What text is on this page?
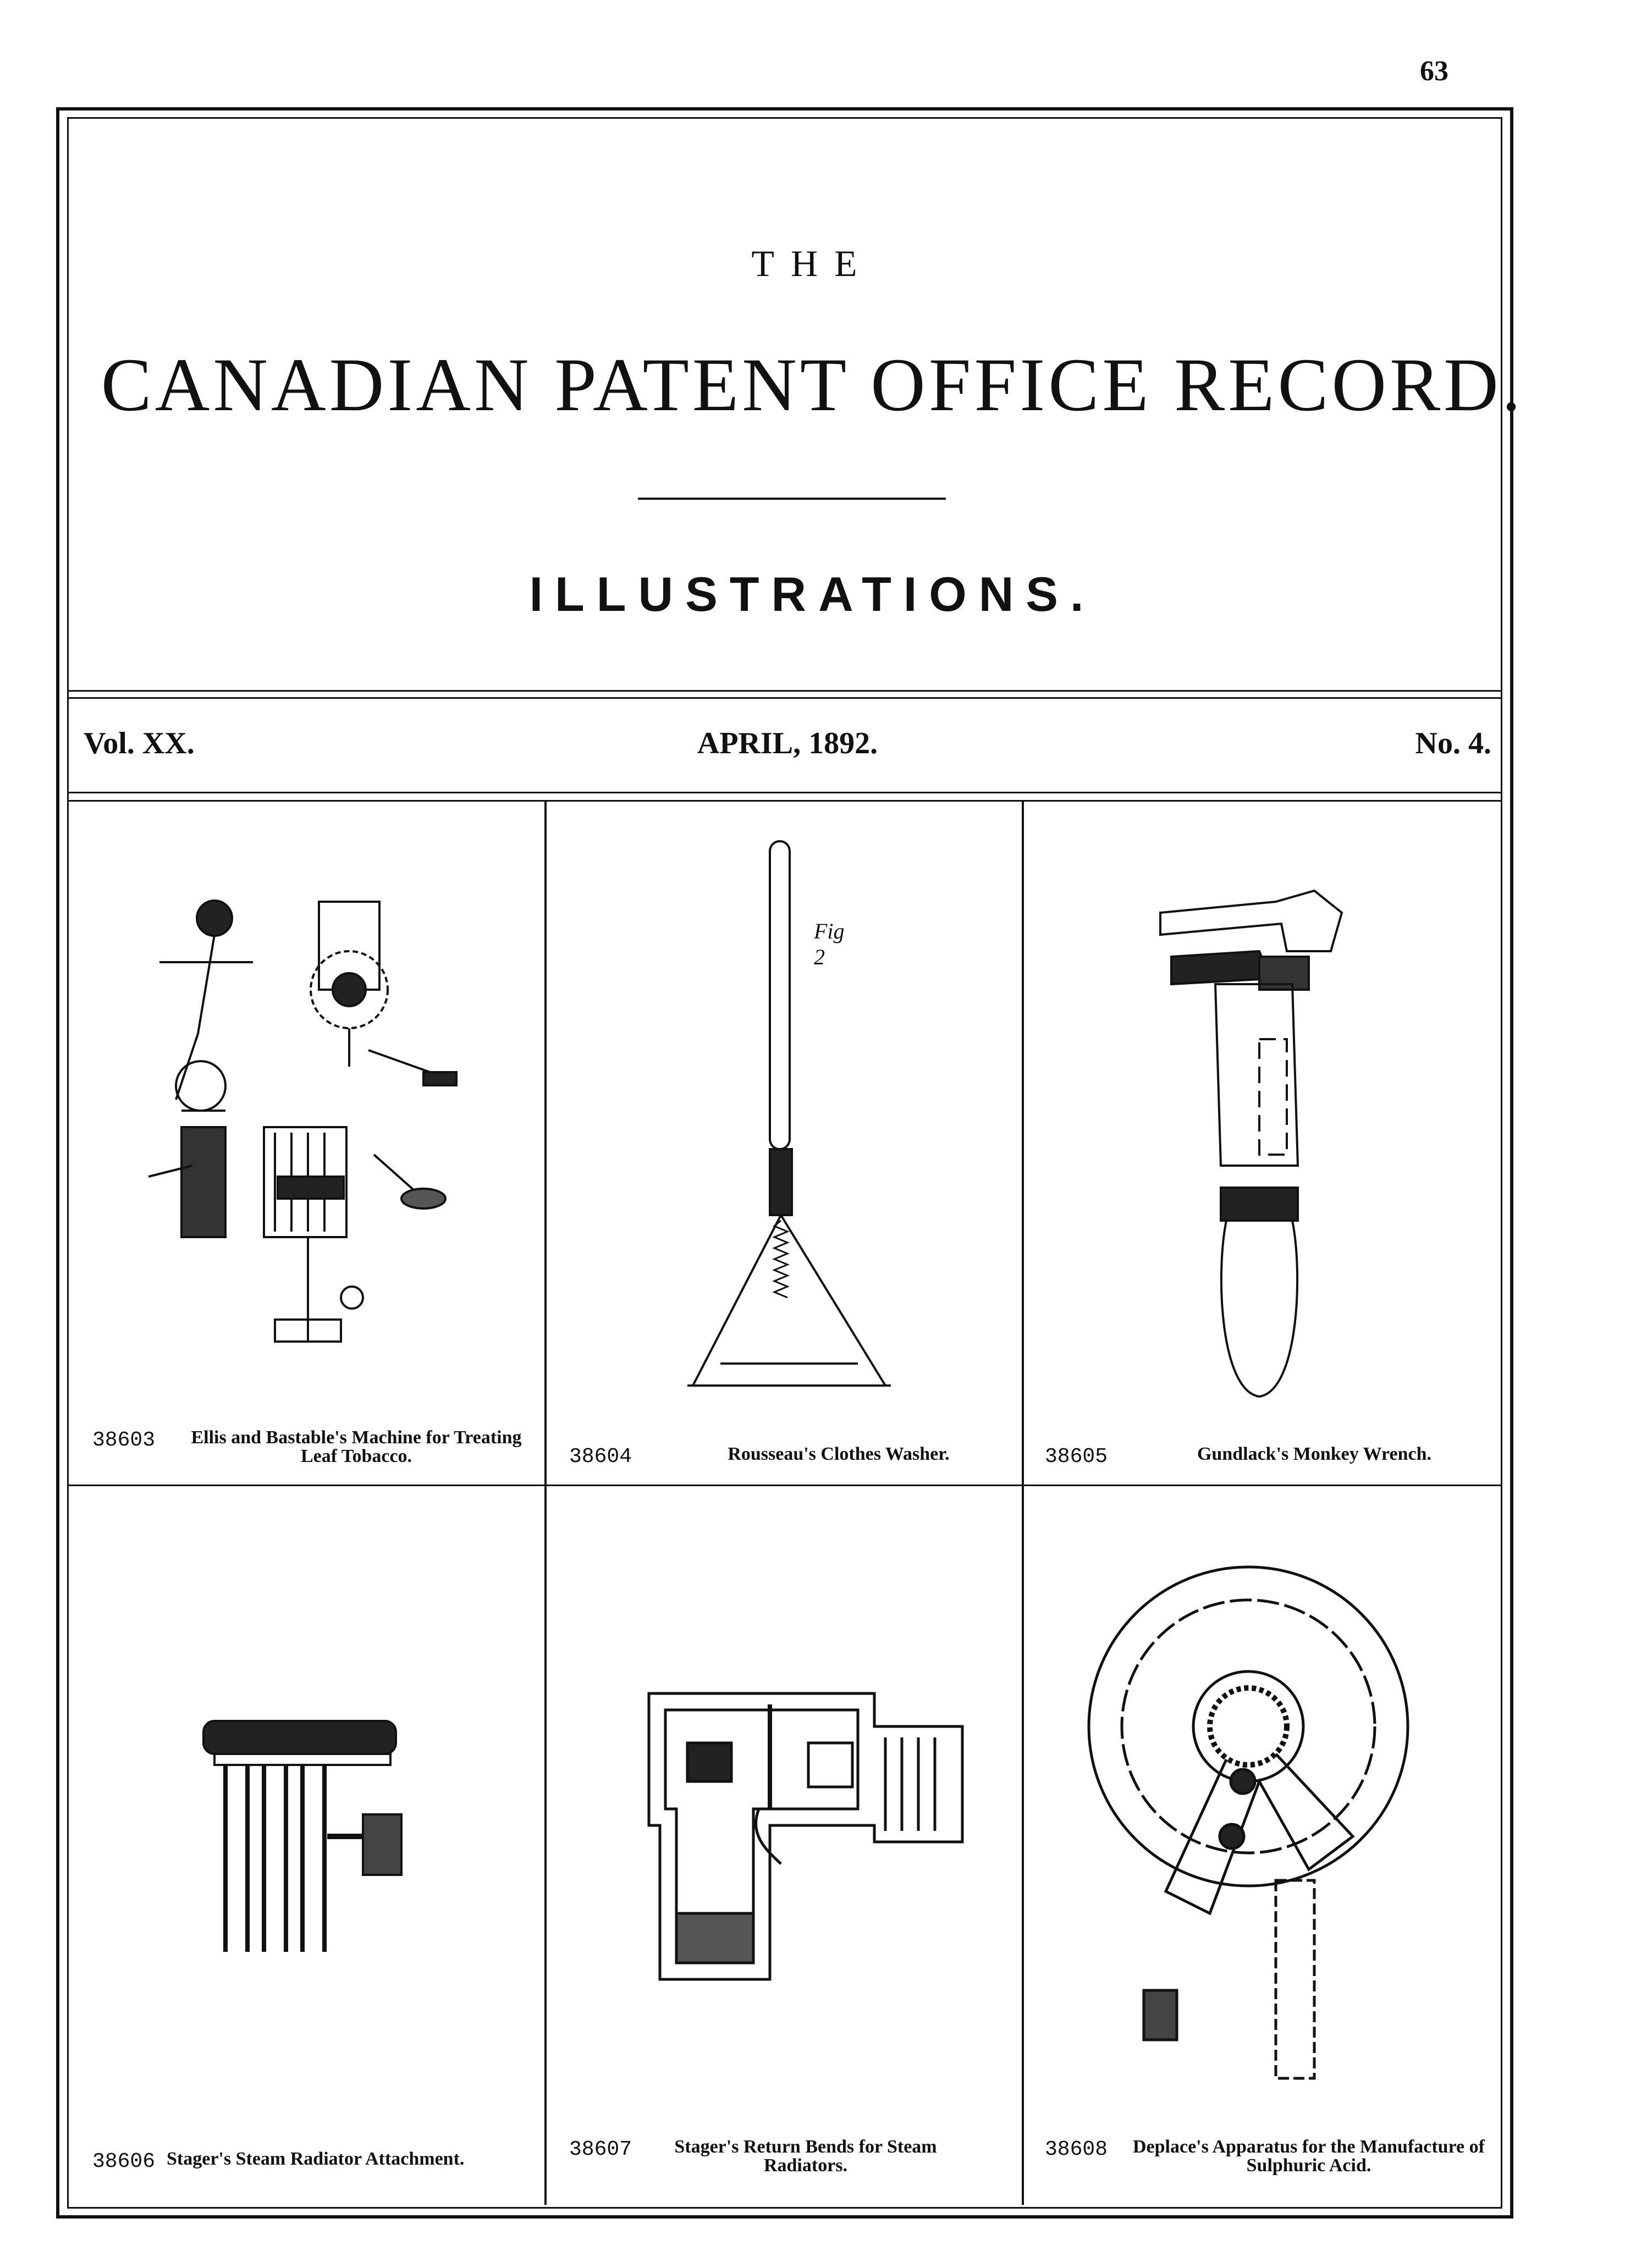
63
THE
CANADIAN PATENT OFFICE RECORD.
ILLUSTRATIONS.
Vol. XX.	APRIL, 1892.	No. 4.
38603	Ellis and Bastable's Machine for Treating Leaf Tobacco.
Fig 2
38604	Rousseau's Clothes Washer.	38605	Gundlack's Monkey Wrench.
38606 Stager's Steam Radiator Attachment.	38607	Stager's Return Bends for Steam Radiators.
38608 Deplace's Apparatus for the Manufacture of Sulphuric Acid.
